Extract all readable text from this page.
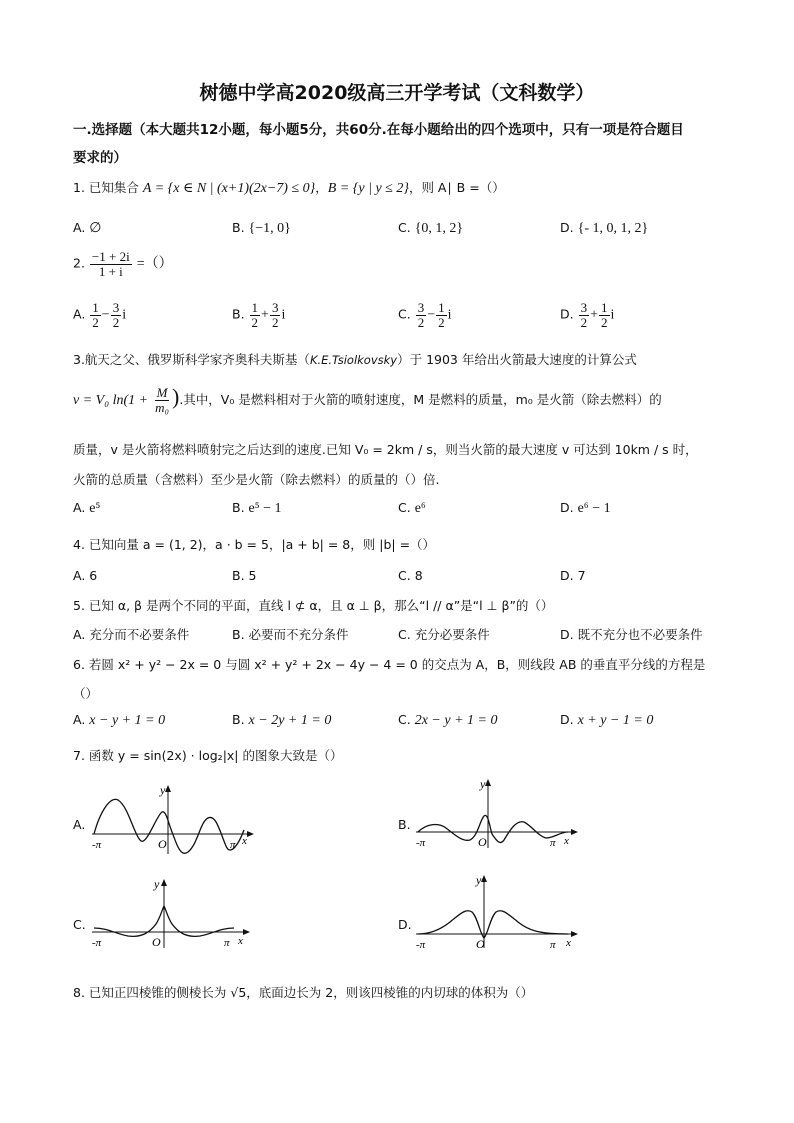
树德中学高2020级高三开学考试（文科数学）
一.选择题（本大题共12小题，每小题5分，共60分.在每小题给出的四个选项中，只有一项是符合题目
要求的）
1. 已知集合 A = {x ∈ N | (x+1)(2x−7) ≤ 0}，B = {y | y ≤ 2}，则 A∣ B =（）
A. ∅	B. {−1, 0}	C. {0, 1, 2}	D. {- 1, 0, 1, 2}
2. $\frac{-1 + 2i}{1 + i}$ =（）
A. $\frac{1}{2} - \frac{3}{2}$ i	B. $\frac{1}{2} + \frac{3}{2}$ i	C. $\frac{3}{2} - \frac{1}{2}$ i	D. $\frac{3}{2} + \frac{1}{2}$ i
3.航天之父、俄罗斯科学家齐奥科夫斯基（K.E.Tsiolkovsky）于 1903 年给出火箭最大速度的计算公式
v = V₀ $\ln(1 + \frac{M}{\text{m₀}}$ ).其中，V₀ 是燃料相对于火箭的喷射速度，M 是燃料的质量，m₀ 是火箭（除去燃料）的
质量，v 是火箭将燃料喷射完之后达到的速度.已知 V₀ = 2km / s，则当火箭的最大速度 v 可达到 10km / s 时，
火箭的总质量（含燃料）至少是火箭（除去燃料）的质量的（）倍.
A. e⁵	B. e⁵ − 1	C. e⁶	D. e⁶ − 1
4. 已知向量 a = (1, 2)，a · b = 5，|a + b| = 8，则 |b| =（）
A. 6	B. 5	C. 8	D. 7
5. 已知 α, β 是两个不同的平面，直线 l ⊄ α，且 α ⊥ β，那么“l // α”是“l ⊥ β”的（）
A. 充分而不必要条件	B. 必要而不充分条件	C. 充分必要条件	D. 既不充分也不必要条件
6. 若圆 x² + y² − 2x = 0 与圆 x² + y² + 2x − 4y − 4 = 0 的交点为 A，B，则线段 AB 的垂直平分线的方程是
（）
A. x − y + 1 = 0	B. x − 2y + 1 = 0	C. 2x − y + 1 = 0	D. x + y − 1 = 0
7. 函数 y = sin(2x) · log₂|x| 的图象大致是（）
A.
y
O
-π	π x
B.
y
O
-π	π x
C.
y
O
-π	π x
D.
y
O
-π	π x
8. 已知正四棱锥的侧棱长为 √5，底面边长为 2，则该四棱锥的内切球的体积为（）
